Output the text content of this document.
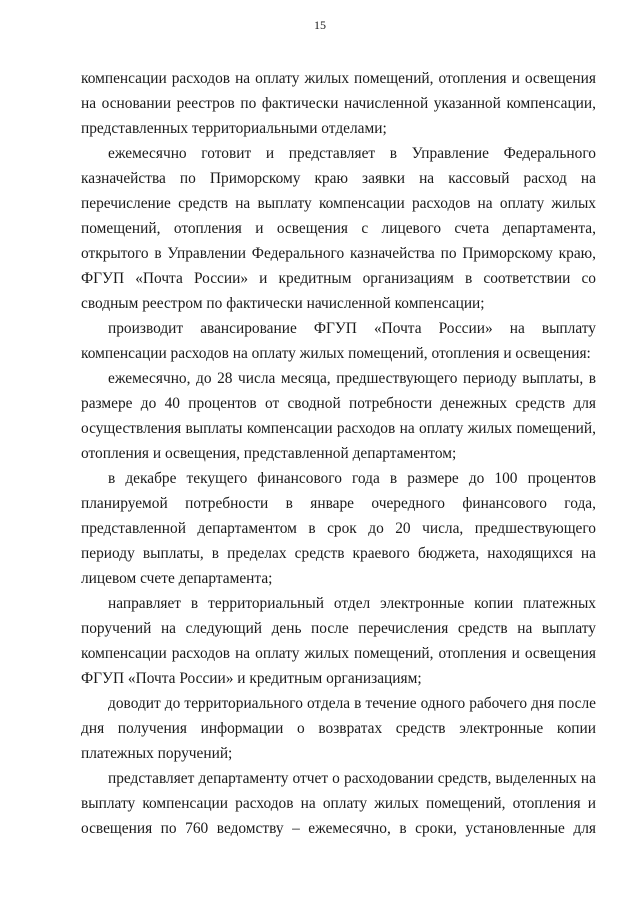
15

компенсации расходов на оплату жилых помещений, отопления и освещения на основании реестров по фактически начисленной указанной компенсации, представленных территориальными отделами;

ежемесячно готовит и представляет в Управление Федерального казначейства по Приморскому краю заявки на кассовый расход на перечисление средств на выплату компенсации расходов на оплату жилых помещений, отопления и освещения с лицевого счета департамента, открытого в Управлении Федерального казначейства по Приморскому краю, ФГУП «Почта России» и кредитным организациям в соответствии со сводным реестром по фактически начисленной компенсации;

производит авансирование ФГУП «Почта России» на выплату компенсации расходов на оплату жилых помещений, отопления и освещения:

ежемесячно, до 28 числа месяца, предшествующего периоду выплаты, в размере до 40 процентов от сводной потребности денежных средств для осуществления выплаты компенсации расходов на оплату жилых помещений, отопления и освещения, представленной департаментом;

в декабре текущего финансового года в размере до 100 процентов планируемой потребности в январе очередного финансового года, представленной департаментом в срок до 20 числа, предшествующего периоду выплаты, в пределах средств краевого бюджета, находящихся на лицевом счете департамента;

направляет в территориальный отдел электронные копии платежных поручений на следующий день после перечисления средств на выплату компенсации расходов на оплату жилых помещений, отопления и освещения ФГУП «Почта России» и кредитным организациям;

доводит до территориального отдела в течение одного рабочего дня после дня получения информации о возвратах средств электронные копии платежных поручений;

представляет департаменту отчет о расходовании средств, выделенных на выплату компенсации расходов на оплату жилых помещений, отопления и освещения по 760 ведомству – ежемесячно, в сроки, установленные для
